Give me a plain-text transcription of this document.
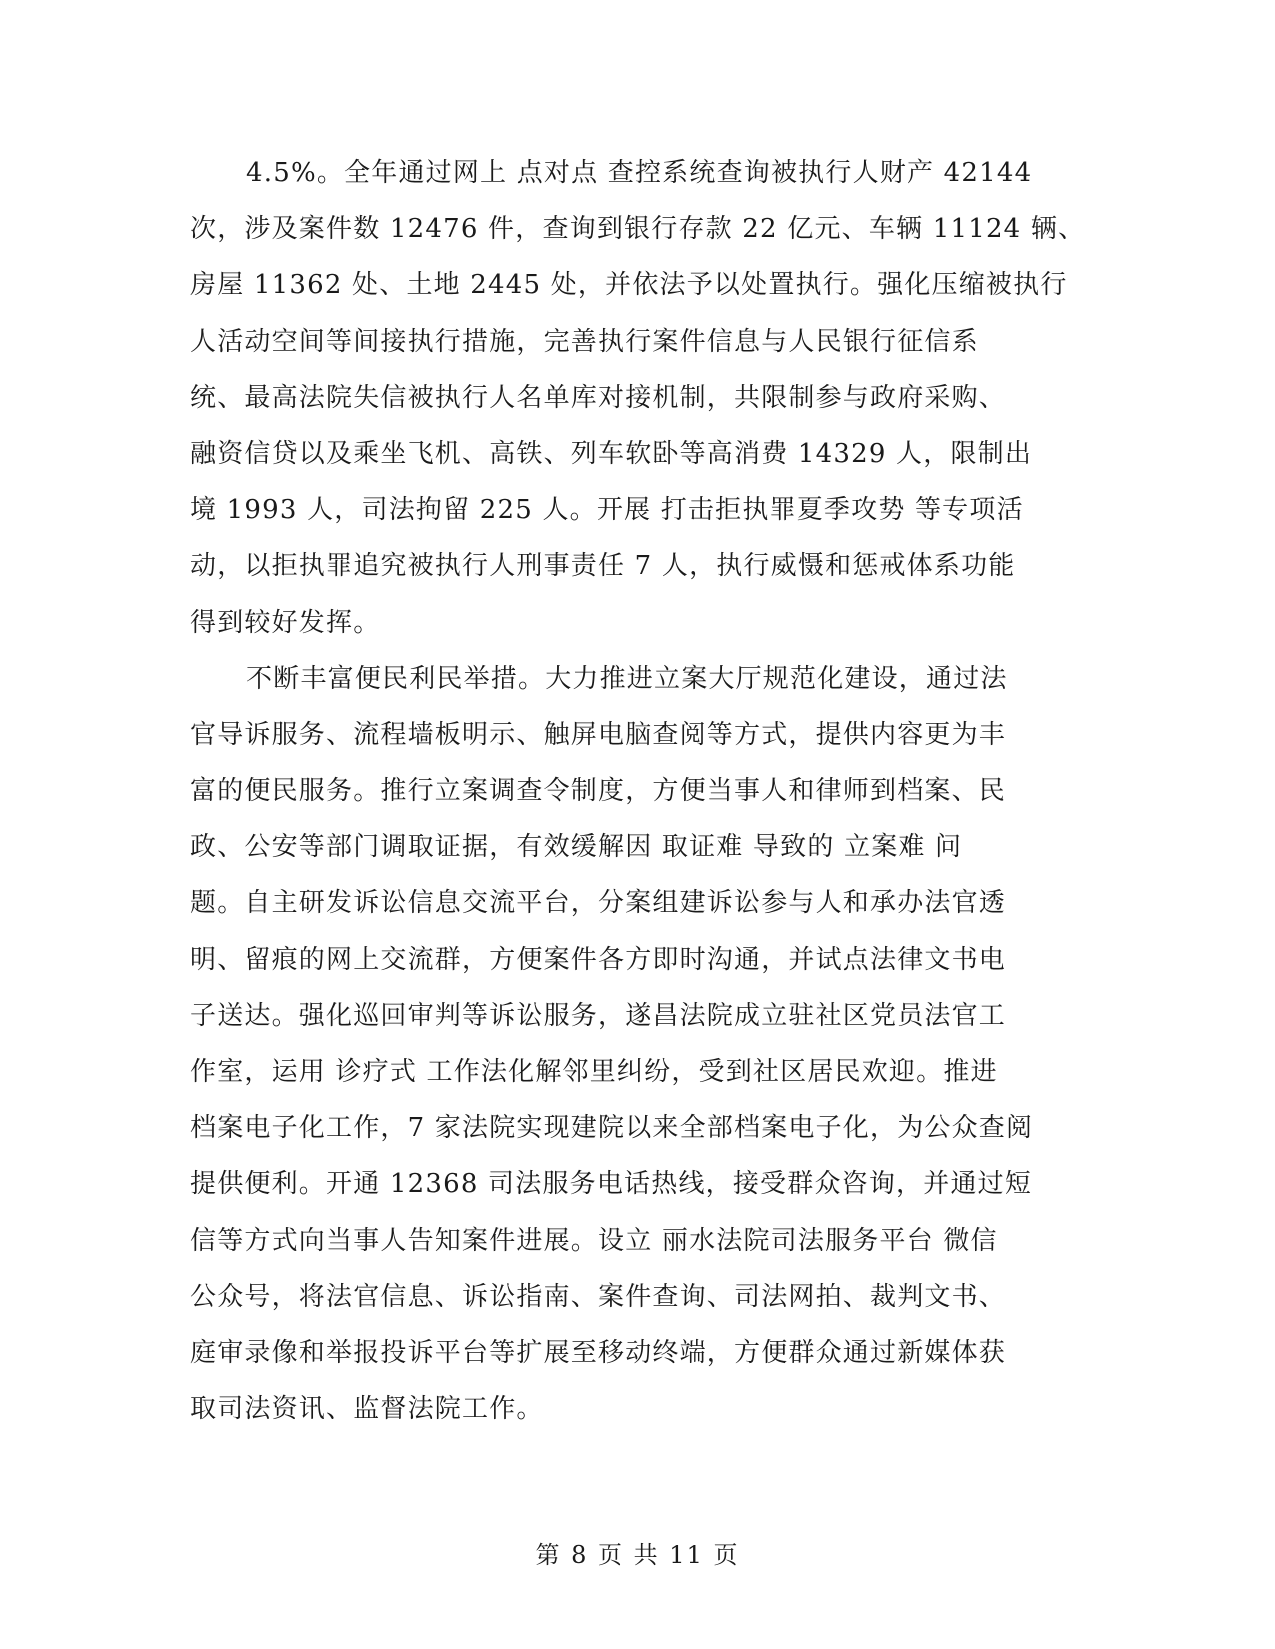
4.5%。全年通过网上 点对点 查控系统查询被执行人财产 42144
次，涉及案件数 12476 件，查询到银行存款 22 亿元、车辆 11124 辆、
房屋 11362 处、土地 2445 处，并依法予以处置执行。强化压缩被执行
人活动空间等间接执行措施，完善执行案件信息与人民银行征信系
统、最高法院失信被执行人名单库对接机制，共限制参与政府采购、
融资信贷以及乘坐飞机、高铁、列车软卧等高消费 14329 人，限制出
境 1993 人，司法拘留 225 人。开展 打击拒执罪夏季攻势 等专项活
动，以拒执罪追究被执行人刑事责任 7 人，执行威慑和惩戒体系功能
得到较好发挥。
不断丰富便民利民举措。大力推进立案大厅规范化建设，通过法
官导诉服务、流程墙板明示、触屏电脑查阅等方式，提供内容更为丰
富的便民服务。推行立案调查令制度，方便当事人和律师到档案、民
政、公安等部门调取证据，有效缓解因 取证难 导致的 立案难 问
题。自主研发诉讼信息交流平台，分案组建诉讼参与人和承办法官透
明、留痕的网上交流群，方便案件各方即时沟通，并试点法律文书电
子送达。强化巡回审判等诉讼服务，遂昌法院成立驻社区党员法官工
作室，运用 诊疗式 工作法化解邻里纠纷，受到社区居民欢迎。推进
档案电子化工作，7 家法院实现建院以来全部档案电子化，为公众查阅
提供便利。开通 12368 司法服务电话热线，接受群众咨询，并通过短
信等方式向当事人告知案件进展。设立 丽水法院司法服务平台 微信
公众号，将法官信息、诉讼指南、案件查询、司法网拍、裁判文书、
庭审录像和举报投诉平台等扩展至移动终端，方便群众通过新媒体获
取司法资讯、监督法院工作。
第 8 页 共 11 页
